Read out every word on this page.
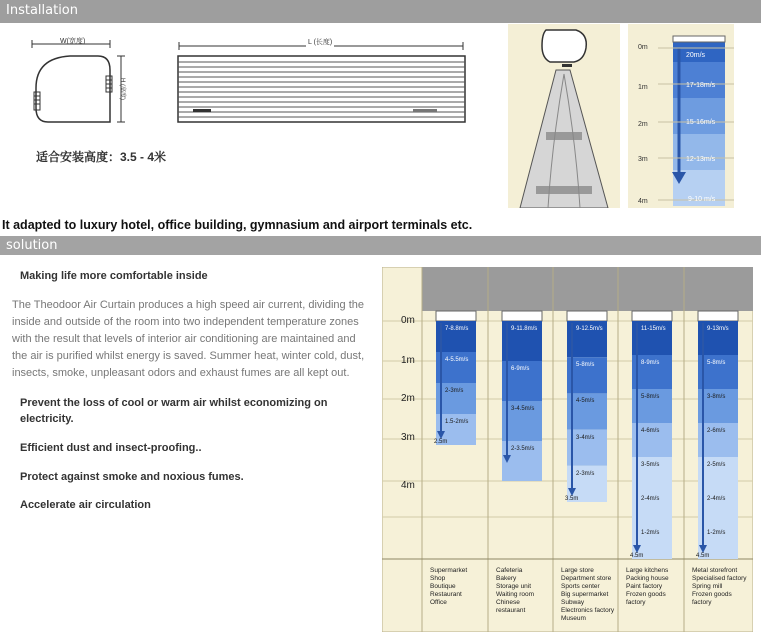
Installation
W(宽度)
H (高度)
L (长度)
适合安装高度：3.5 - 4米
0m
1m
2m
3m
4m
20m/s
17-18m/s
15-16m/s
12-13m/s
9-10 m/s
It adapted to luxury hotel, office building, gymnasium and airport terminals etc.
solution
Making life more comfortable inside
The Theodoor Air Curtain produces a high speed air current, dividing the inside and outside of the room into two independent temperature zones with the result that levels of interior air conditioning are maintained and the air is purified whilst energy is saved. Summer heat, winter cold, dust, insects, smoke, unpleasant odors and exhaust fumes are all kept out.
Prevent the loss of cool or warm air whilst economizing on electricity.
Efficient dust and insect-proofing..
Protect against smoke and noxious fumes.
Accelerate air circulation
0m
1m
2m
3m
4m
7-8.8m/s
4-5.5m/s
2-3m/s
1.5-2m/s
2.5m
Supermarket
Shop
Boutique
Restaurant
Office
9-11.8m/s
6-9m/s
3-4.5m/s
2-3.5m/s
Cafeteria
Bakery
Storage unit
Waiting room
Chinese
restaurant
9-12.5m/s
5-8m/s
4-5m/s
3-4m/s
2-3m/s
3.5m
Large store
Department store
Sports center
Big supermarket
Subway
Electronics factory
Museum
11-15m/s
8-9m/s
5-8m/s
4-6m/s
3-5m/s
2-4m/s
1-2m/s
4.5m
Large kitchens
Packing house
Paint factory
Frozen goods
factory
9-13m/s
5-8m/s
3-8m/s
2-6m/s
2-5m/s
2-4m/s
1-2m/s
4.5m
Metal storefront
Specialised factory
Spring mill
Frozen goods
factory
